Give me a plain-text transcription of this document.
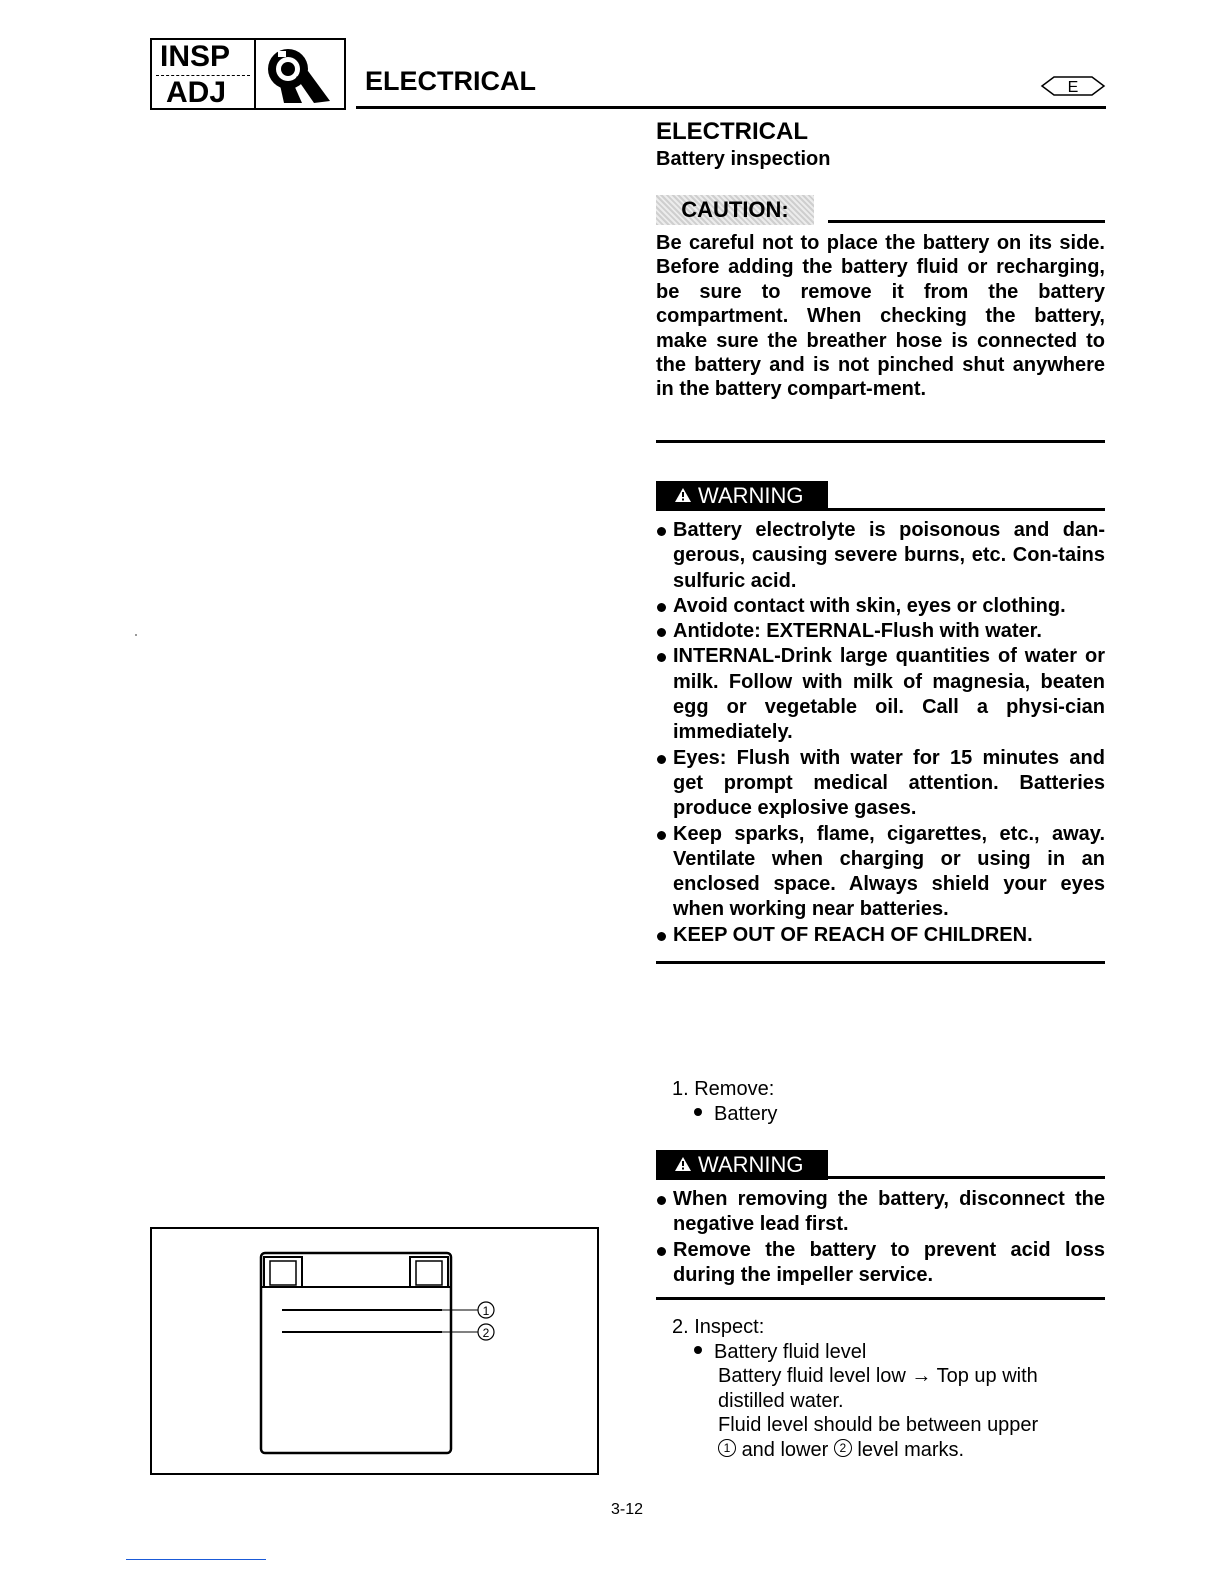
INSP
ADJ	ELECTRICAL	E
ELECTRICAL
Battery inspection
CAUTION:
Be careful not to place the battery on its side. Before adding the battery fluid or recharging, be sure to remove it from the battery compartment. When checking the battery, make sure the breather hose is connected to the battery and is not pinched shut anywhere in the battery compart-ment.
WARNING
Battery electrolyte is poisonous and dan-gerous, causing severe burns, etc. Con-tains sulfuric acid.
Avoid contact with skin, eyes or clothing.
Antidote: EXTERNAL-Flush with water.
INTERNAL-Drink large quantities of water or milk. Follow with milk of magnesia, beaten egg or vegetable oil. Call a physi-cian immediately.
Eyes: Flush with water for 15 minutes and get prompt medical attention. Batteries produce explosive gases.
Keep sparks, flame, cigarettes, etc., away. Ventilate when charging or using in an enclosed space. Always shield your eyes when working near batteries.
KEEP OUT OF REACH OF CHILDREN.
1. Remove:
Battery
WARNING
When removing the battery, disconnect the negative lead first.
Remove the battery to prevent acid loss during the impeller service.
2. Inspect:
Battery fluid level
Battery fluid level low → Top up with
distilled water.
Fluid level should be between upper
1 and lower 2 level marks.
1
2
3-12
